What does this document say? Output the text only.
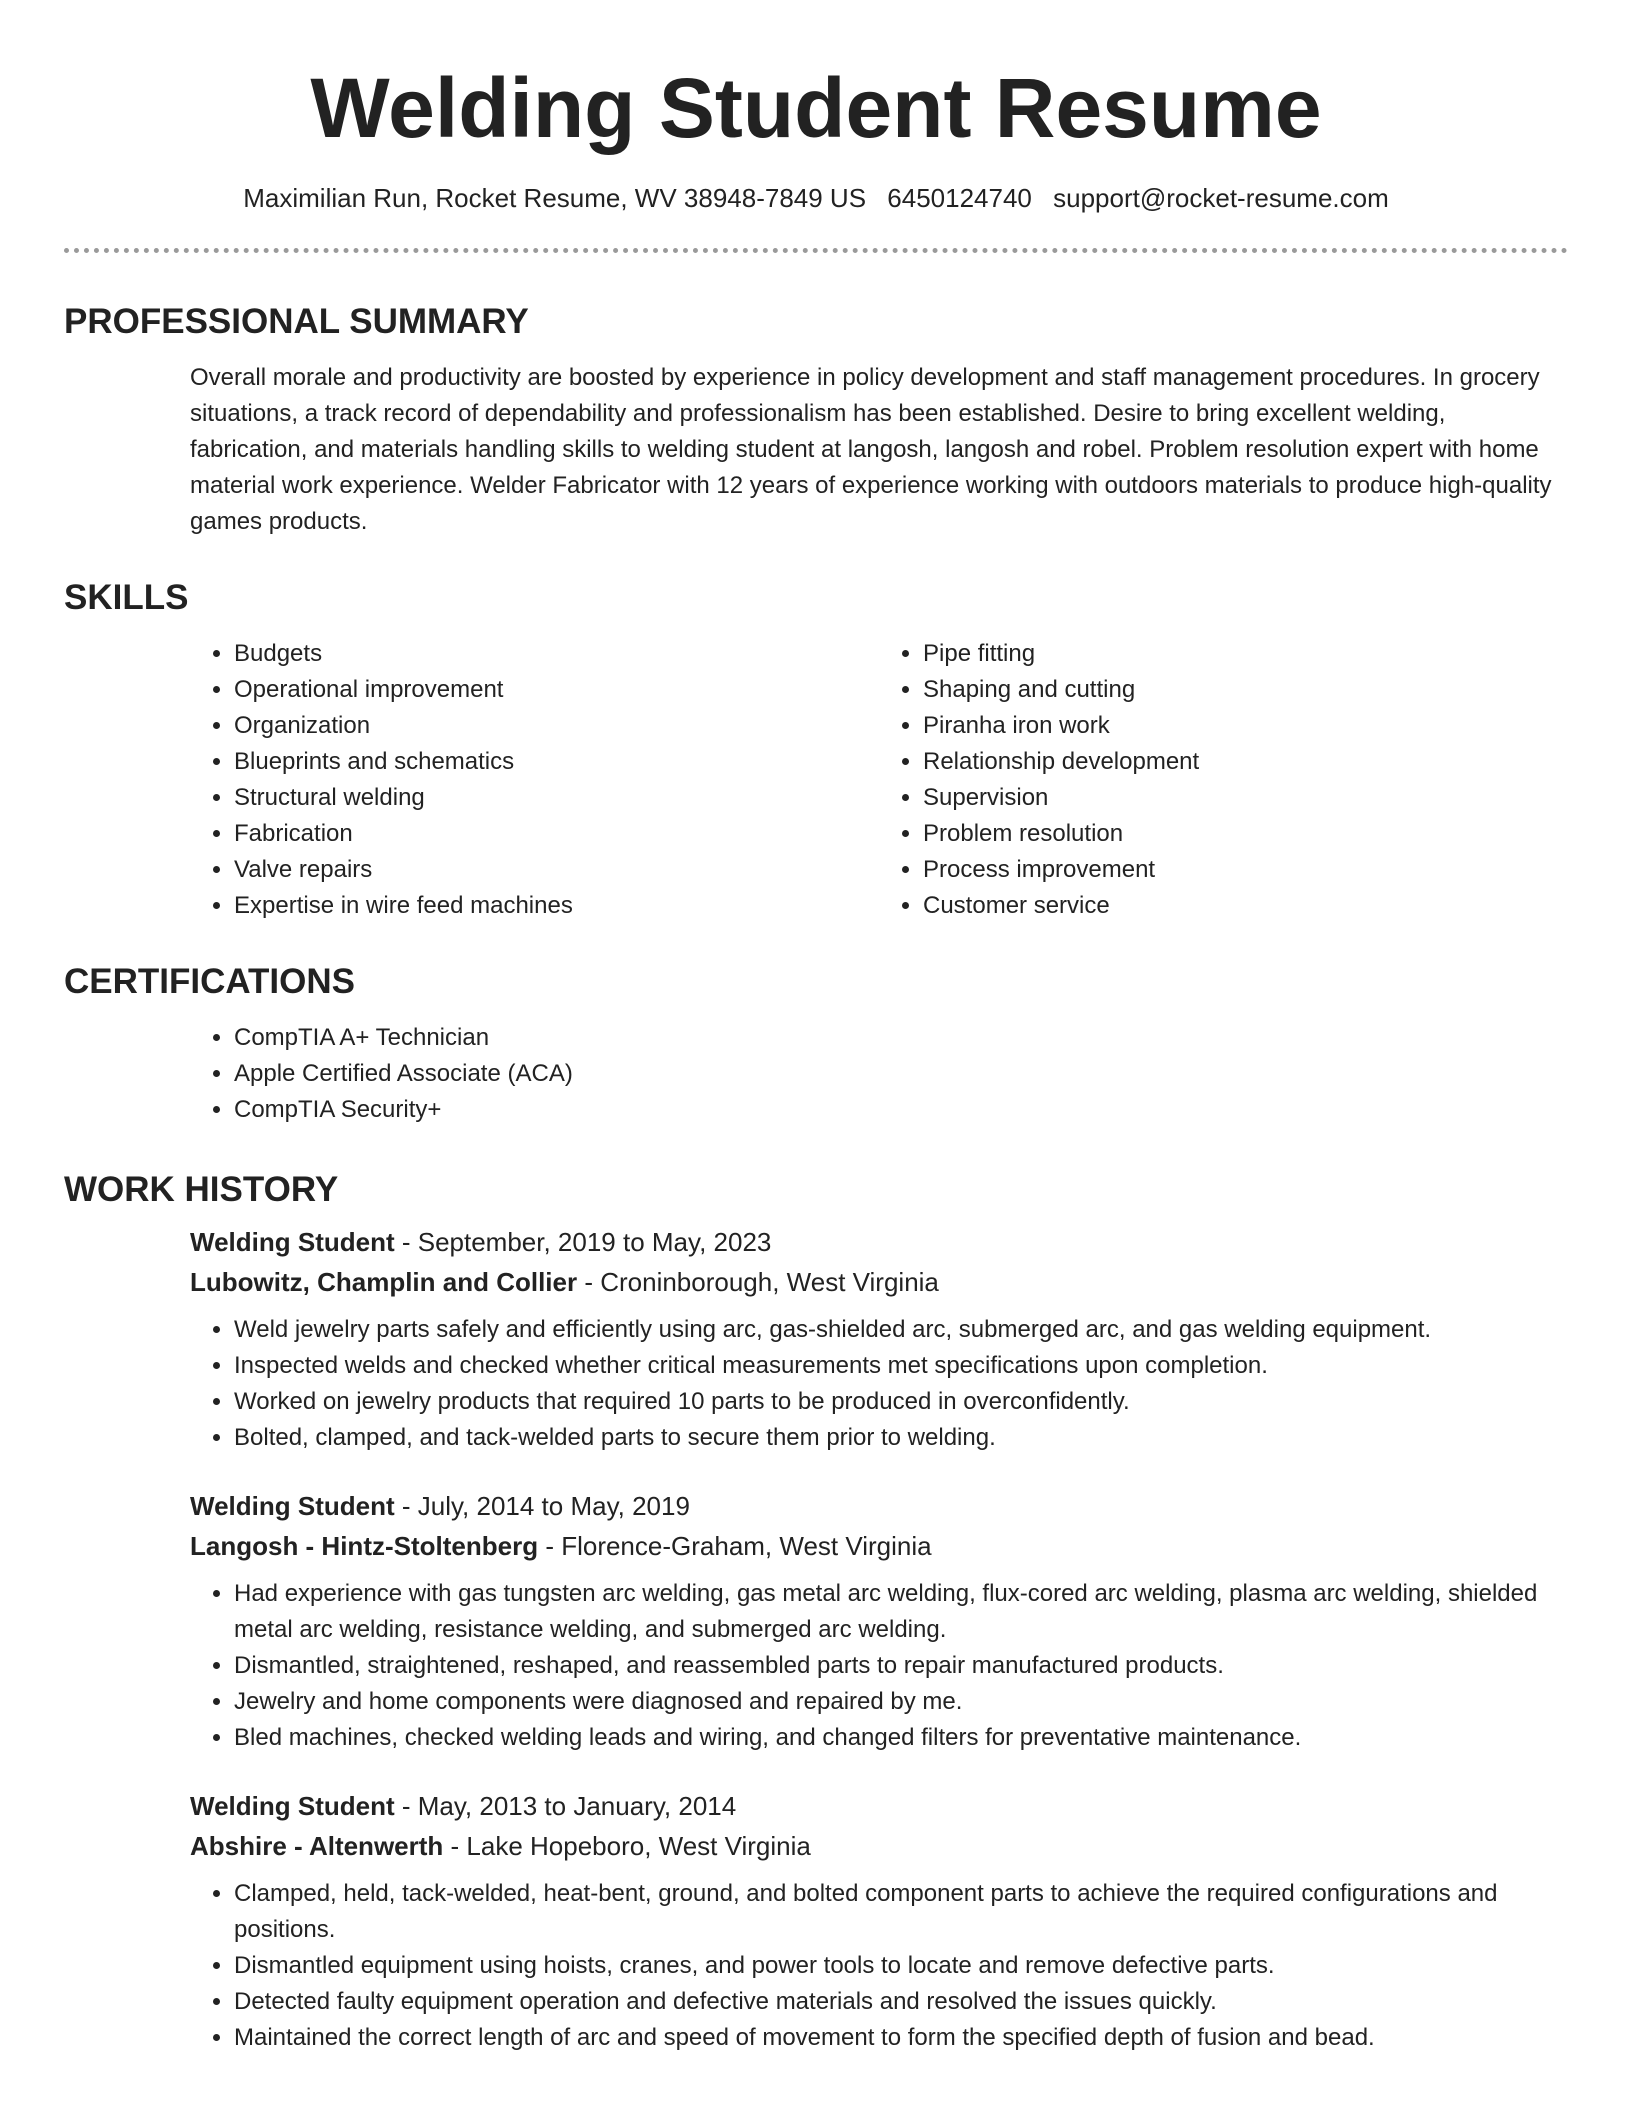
Welding Student Resume
Maximilian Run, Rocket Resume, WV 38948-7849 US 6450124740 support@rocket-resume.com
PROFESSIONAL SUMMARY

Overall morale and productivity are boosted by experience in policy development and staff management procedures. In grocery situations, a track record of dependability and professionalism has been established. Desire to bring excellent welding, fabrication, and materials handling skills to welding student at langosh, langosh and robel. Problem resolution expert with home material work experience. Welder Fabricator with 12 years of experience working with outdoors materials to produce high-quality games products.

SKILLS
• Budgets
• Operational improvement
• Organization
• Blueprints and schematics
• Structural welding
• Fabrication
• Valve repairs
• Expertise in wire feed machines
• Pipe fitting
• Shaping and cutting
• Piranha iron work
• Relationship development
• Supervision
• Problem resolution
• Process improvement
• Customer service
CERTIFICATIONS
• CompTIA A+ Technician
• Apple Certified Associate (ACA)
• CompTIA Security+
WORK HISTORY
Welding Student - September, 2019 to May, 2023
Lubowitz, Champlin and Collier - Croninborough, West Virginia
• Weld jewelry parts safely and efficiently using arc, gas-shielded arc, submerged arc, and gas welding equipment.
• Inspected welds and checked whether critical measurements met specifications upon completion.
• Worked on jewelry products that required 10 parts to be produced in overconfidently.
• Bolted, clamped, and tack-welded parts to secure them prior to welding.
Welding Student - July, 2014 to May, 2019
Langosh - Hintz-Stoltenberg - Florence-Graham, West Virginia
• Had experience with gas tungsten arc welding, gas metal arc welding, flux-cored arc welding, plasma arc welding, shielded metal arc welding, resistance welding, and submerged arc welding.
• Dismantled, straightened, reshaped, and reassembled parts to repair manufactured products.
• Jewelry and home components were diagnosed and repaired by me.
• Bled machines, checked welding leads and wiring, and changed filters for preventative maintenance.
Welding Student - May, 2013 to January, 2014
Abshire - Altenwerth - Lake Hopeboro, West Virginia
• Clamped, held, tack-welded, heat-bent, ground, and bolted component parts to achieve the required configurations and positions.
• Dismantled equipment using hoists, cranes, and power tools to locate and remove defective parts.
• Detected faulty equipment operation and defective materials and resolved the issues quickly.
• Maintained the correct length of arc and speed of movement to form the specified depth of fusion and bead.
